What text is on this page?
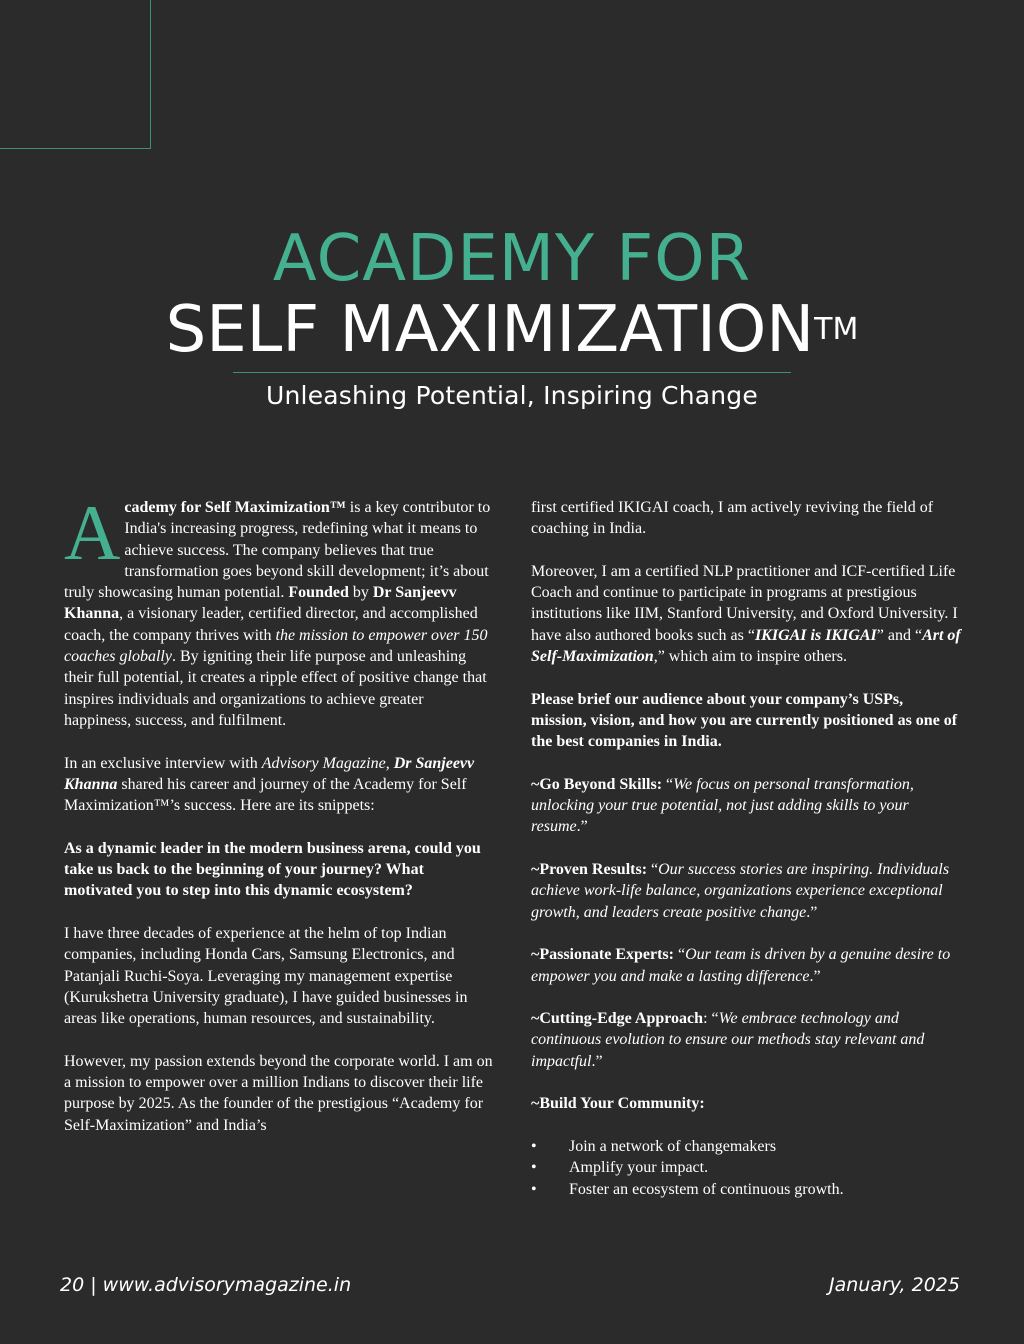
ACADEMY FOR
SELF MAXIMIZATION™
Unleashing Potential, Inspiring Change

Academy for Self Maximization™ is a key contributor to India's increasing progress, redefining what it means to achieve success. The company believes that true transformation goes beyond skill development; it’s about truly showcasing human potential. Founded by Dr Sanjeevv Khanna, a visionary leader, certified director, and accomplished coach, the company thrives with the mission to empower over 150 coaches globally. By igniting their life purpose and unleashing their full potential, it creates a ripple effect of positive change that inspires individuals and organizations to achieve greater happiness, success, and fulfilment.

In an exclusive interview with Advisory Magazine, Dr Sanjeevv Khanna shared his career and journey of the Academy for Self Maximization™’s success. Here are its snippets:

As a dynamic leader in the modern business arena, could you take us back to the beginning of your journey? What motivated you to step into this dynamic ecosystem?

I have three decades of experience at the helm of top Indian companies, including Honda Cars, Samsung Electronics, and Patanjali Ruchi-Soya. Leveraging my management expertise (Kurukshetra University graduate), I have guided businesses in areas like operations, human resources, and sustainability.

However, my passion extends beyond the corporate world. I am on a mission to empower over a million Indians to discover their life purpose by 2025. As the founder of the prestigious “Academy for Self-Maximization” and India’s

first certified IKIGAI coach, I am actively reviving the field of coaching in India.

Moreover, I am a certified NLP practitioner and ICF-certified Life Coach and continue to participate in programs at prestigious institutions like IIM, Stanford University, and Oxford University. I have also authored books such as “IKIGAI is IKIGAI” and “Art of Self-Maximization,” which aim to inspire others.

Please brief our audience about your company’s USPs, mission, vision, and how you are currently positioned as one of the best companies in India.

~Go Beyond Skills: “We focus on personal transformation, unlocking your true potential, not just adding skills to your resume.”

~Proven Results: “Our success stories are inspiring. Individuals achieve work-life balance, organizations experience exceptional growth, and leaders create positive change.”

~Passionate Experts: “Our team is driven by a genuine desire to empower you and make a lasting difference.”

~Cutting-Edge Approach: “We embrace technology and continuous evolution to ensure our methods stay relevant and impactful.”

~Build Your Community:

• Join a network of changemakers
• Amplify your impact.
• Foster an ecosystem of continuous growth.
20 | www.advisorymagazine.in	January, 2025
